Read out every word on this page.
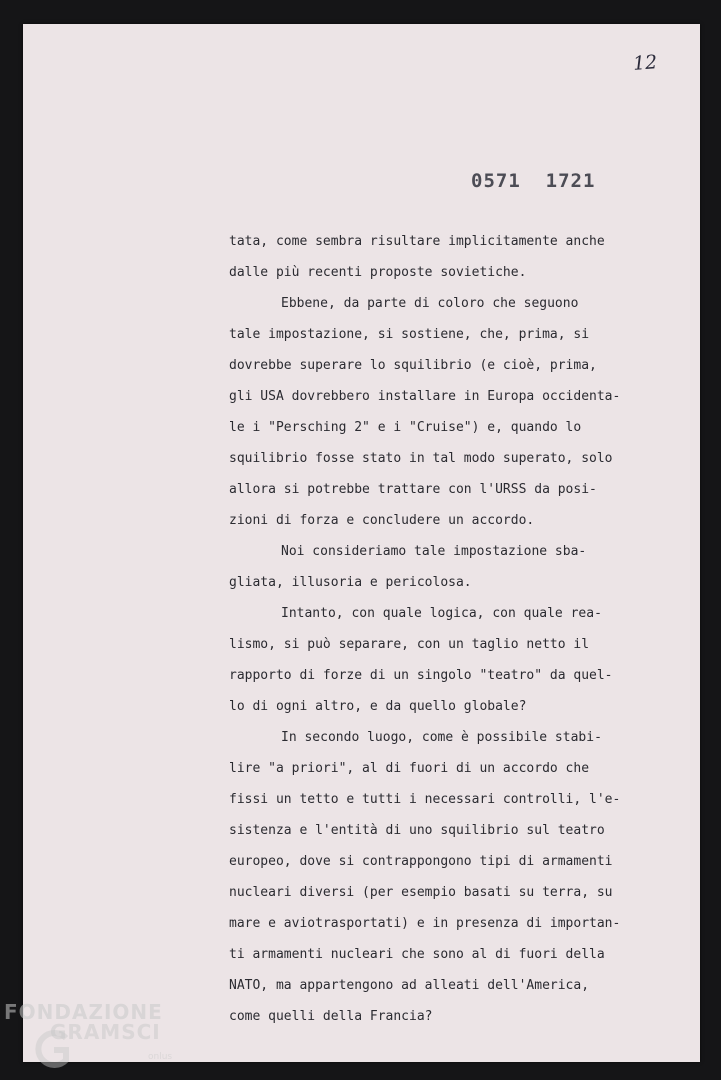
12
0571  1721
tata, come sembra risultare implicitamente anche
dalle più recenti proposte sovietiche.
Ebbene, da parte di coloro che seguono
tale impostazione, si sostiene, che, prima, si
dovrebbe superare lo squilibrio (e cioè, prima,
gli USA dovrebbero installare in Europa occidenta-
le i "Persching 2" e i "Cruise") e, quando lo
squilibrio fosse stato in tal modo superato, solo
allora si potrebbe trattare con l'URSS da posi-
zioni di forza e concludere un accordo.
Noi consideriamo tale impostazione sba-
gliata, illusoria e pericolosa.
Intanto, con quale logica, con quale rea-
lismo, si può separare, con un taglio netto il
rapporto di forze di un singolo "teatro" da quel-
lo di ogni altro, e da quello globale?
In secondo luogo, come è possibile stabi-
lire "a priori", al di fuori di un accordo che
fissi un tetto e tutti i necessari controlli, l'e-
sistenza e l'entità di uno squilibrio sul teatro
europeo, dove si contrappongono tipi di armamenti
nucleari diversi (per esempio basati su terra, su
mare e aviotrasportati) e in presenza di importan-
ti armamenti nucleari che sono al di fuori della
NATO, ma appartengono ad alleati dell'America,
come quelli della Francia?
FONDAZIONE
GRAMSCI
onlus
